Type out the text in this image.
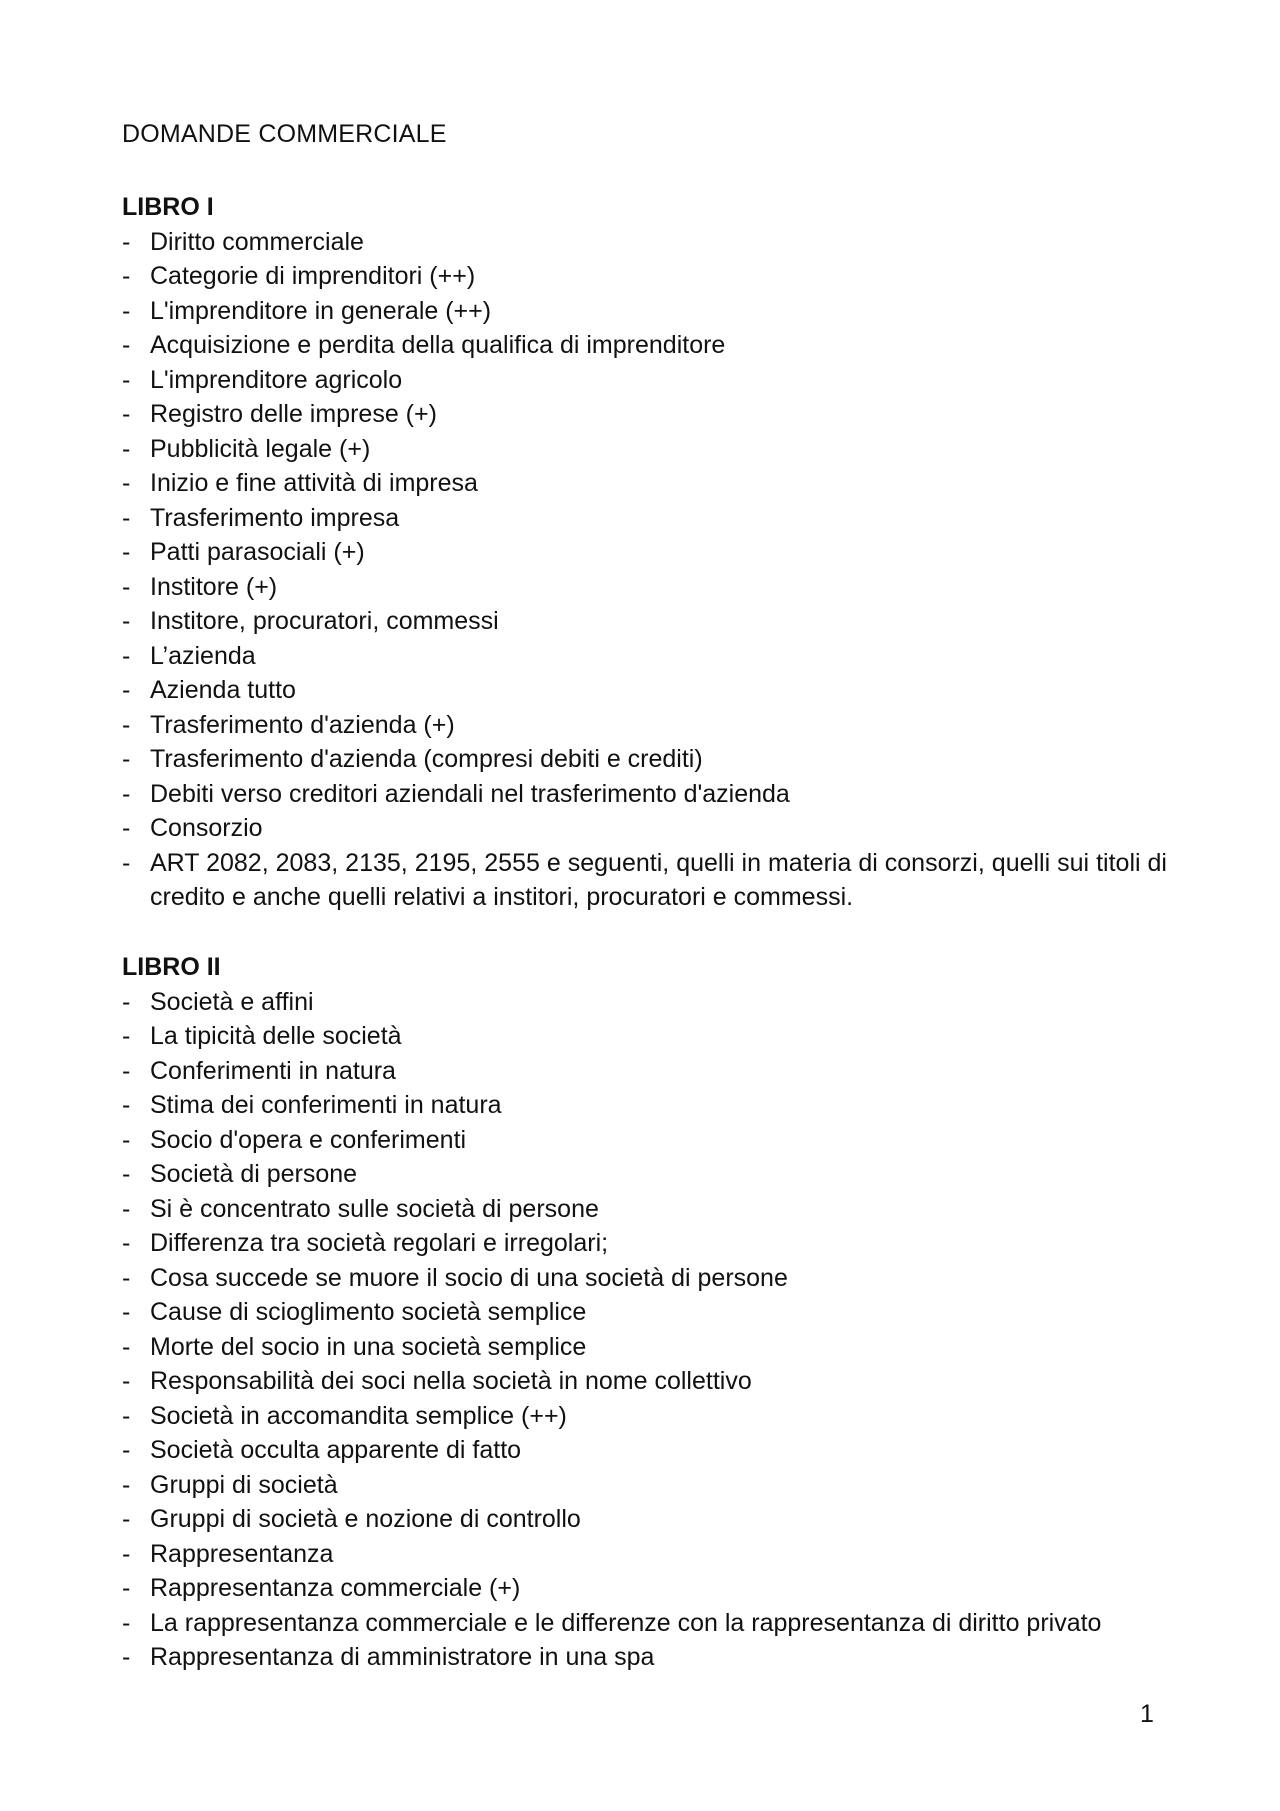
DOMANDE COMMERCIALE
LIBRO I
- Diritto commerciale
- Categorie di imprenditori (++)
- L'imprenditore in generale (++)
- Acquisizione e perdita della qualifica di imprenditore
- L'imprenditore agricolo
- Registro delle imprese (+)
- Pubblicità legale (+)
- Inizio e fine attività di impresa
- Trasferimento impresa
- Patti parasociali (+)
- Institore (+)
- Institore, procuratori, commessi
- L’azienda
- Azienda tutto
- Trasferimento d'azienda (+)
- Trasferimento d'azienda (compresi debiti e crediti)
- Debiti verso creditori aziendali nel trasferimento d'azienda
- Consorzio
- ART 2082, 2083, 2135, 2195, 2555 e seguenti, quelli in materia di consorzi, quelli sui titoli di credito e anche quelli relativi a institori, procuratori e commessi.
LIBRO II
- Società e affini
- La tipicità delle società
- Conferimenti in natura
- Stima dei conferimenti in natura
- Socio d'opera e conferimenti
- Società di persone
- Si è concentrato sulle società di persone
- Differenza tra società regolari e irregolari;
- Cosa succede se muore il socio di una società di persone
- Cause di scioglimento società semplice
- Morte del socio in una società semplice
- Responsabilità dei soci nella società in nome collettivo
- Società in accomandita semplice (++)
- Società occulta apparente di fatto
- Gruppi di società
- Gruppi di società e nozione di controllo
- Rappresentanza
- Rappresentanza commerciale (+)
- La rappresentanza commerciale e le differenze con la rappresentanza di diritto privato
- Rappresentanza di amministratore in una spa
1
